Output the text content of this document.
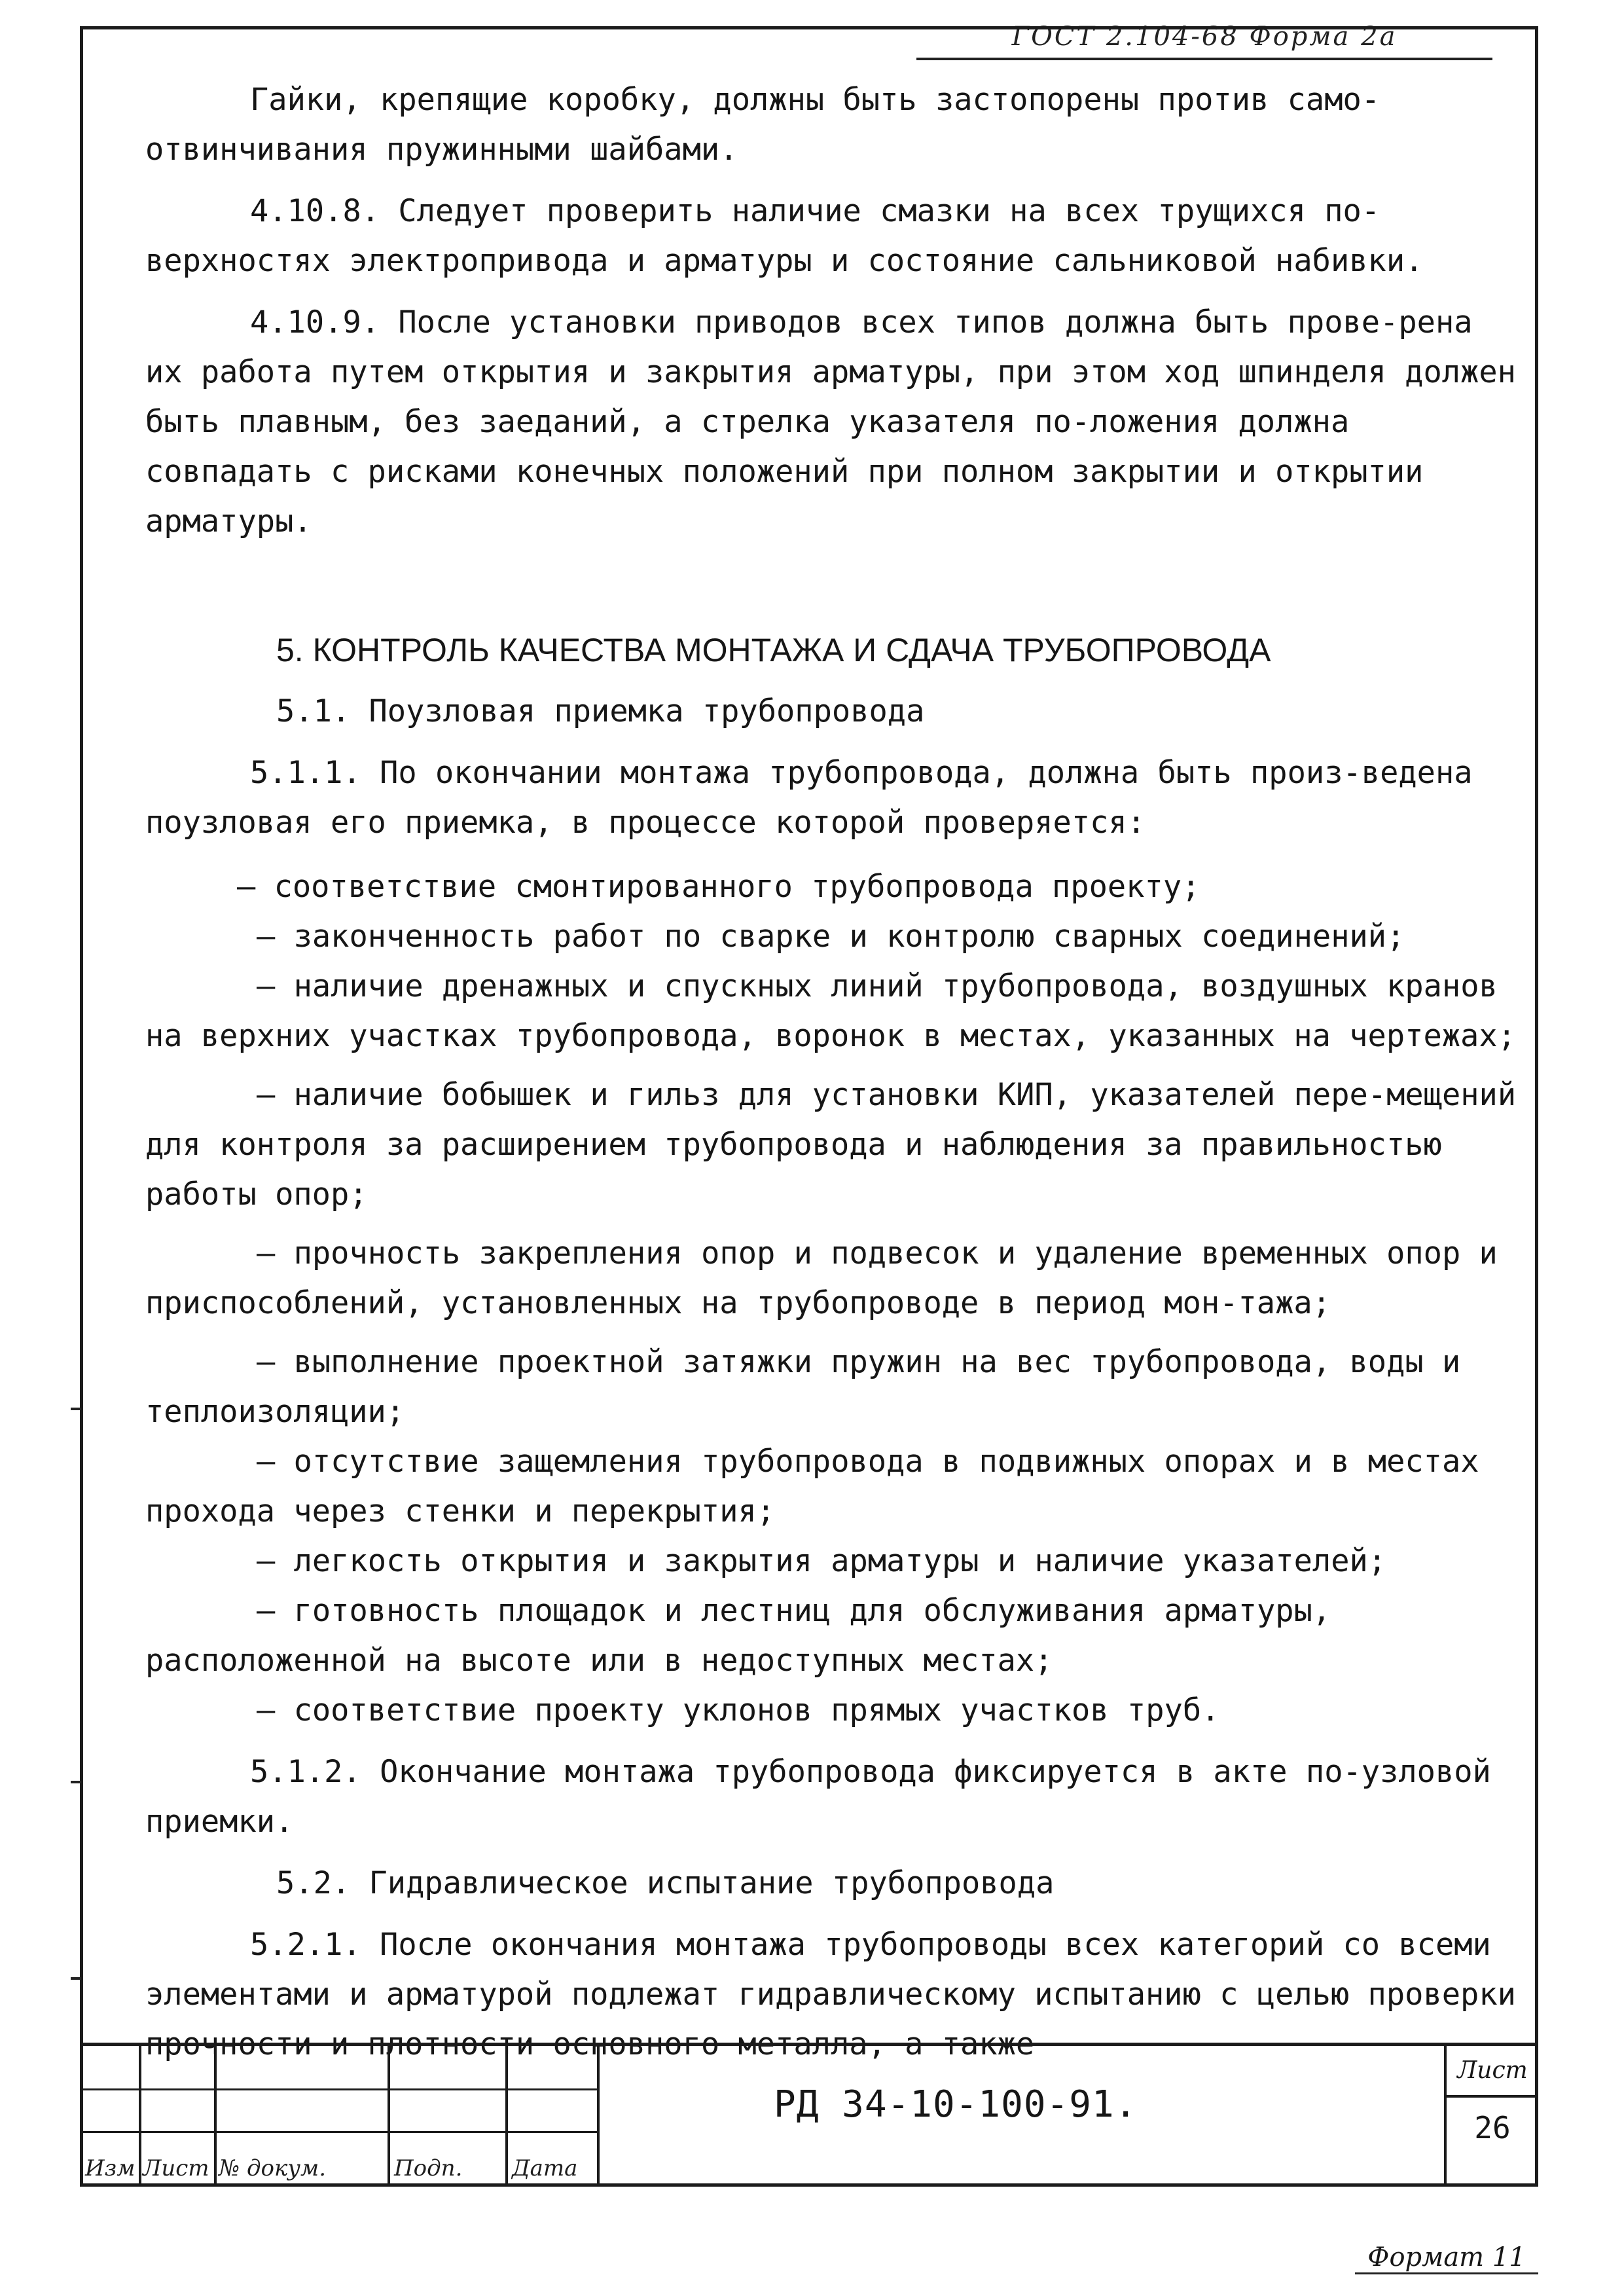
ГОСТ 2.104-68 Форма 2а

Гайки, крепящие коробку, должны быть застопорены против само-отвинчивания пружинными шайбами.

4.10.8. Следует проверить наличие смазки на всех трущихся по-верхностях электропривода и арматуры и состояние сальниковой набивки.

4.10.9. После установки приводов всех типов должна быть прове-рена их работа путем открытия и закрытия арматуры, при этом ход шпинделя должен быть плавным, без заеданий, а стрелка указателя по-ложения должна совпадать с рисками конечных положений при полном закрытии и открытии арматуры.

5. КОНТРОЛЬ КАЧЕСТВА МОНТАЖА И СДАЧА ТРУБОПРОВОДА

5.1. Поузловая приемка трубопровода

5.1.1. По окончании монтажа трубопровода, должна быть произ-ведена поузловая его приемка, в процессе которой проверяется:

– соответствие смонтированного трубопровода проекту;

– законченность работ по сварке и контролю сварных соединений;

– наличие дренажных и спускных линий трубопровода, воздушных кранов на верхних участках трубопровода, воронок в местах, указанных на чертежах;

– наличие бобышек и гильз для установки КИП, указателей пере-мещений для контроля за расширением трубопровода и наблюдения за правильностью работы опор;

– прочность закрепления опор и подвесок и удаление временных опор и приспособлений, установленных на трубопроводе в период мон-тажа;

– выполнение проектной затяжки пружин на вес трубопровода, воды и теплоизоляции;

– отсутствие защемления трубопровода в подвижных опорах и в местах прохода через стенки и перекрытия;

– легкость открытия и закрытия арматуры и наличие указателей;

– готовность площадок и лестниц для обслуживания арматуры, расположенной на высоте или в недоступных местах;

– соответствие проекту уклонов прямых участков труб.

5.1.2. Окончание монтажа трубопровода фиксируется в акте по-узловой приемки.

5.2. Гидравлическое испытание трубопровода

5.2.1. После окончания монтажа трубопроводы всех категорий со всеми элементами и арматурой подлежат гидравлическому испытанию с целью проверки прочности и плотности основного металла, а также

Изм Лист № докум.	Подп. Дата
РД 34-10-100-91.
Лист
26
Формат 11
